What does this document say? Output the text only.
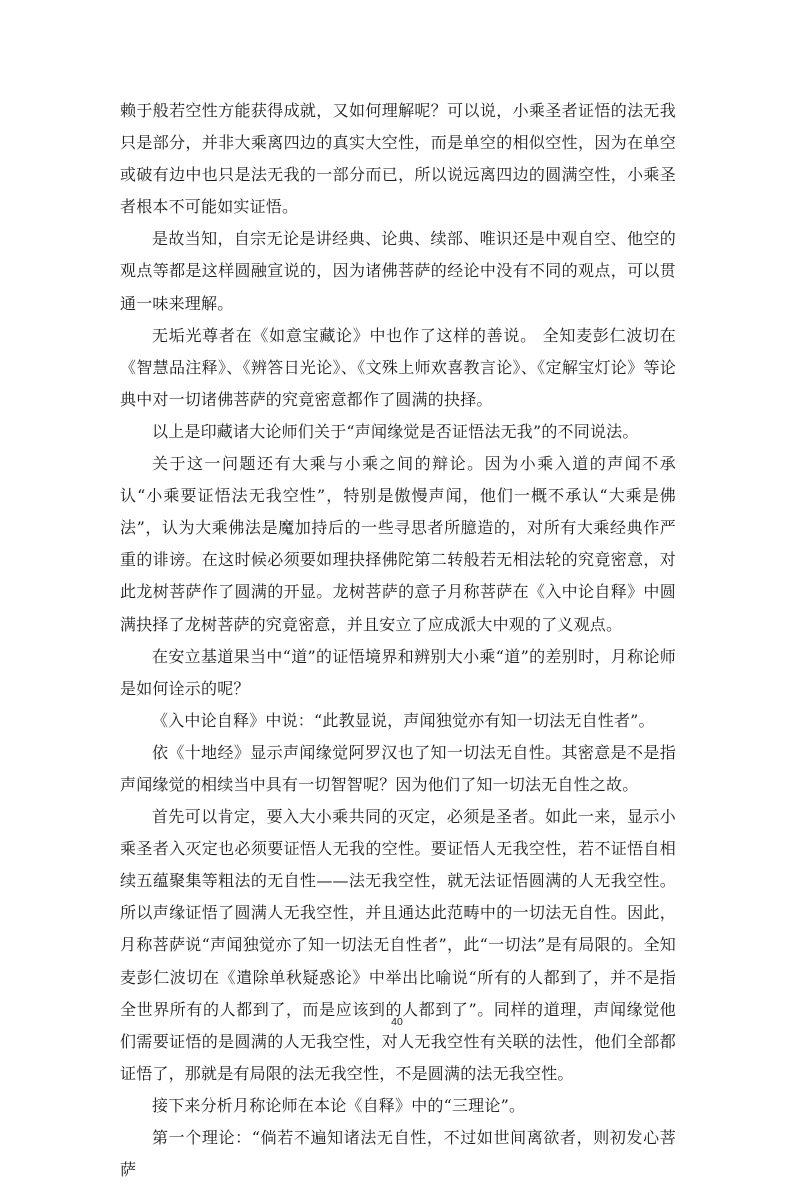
赖于般若空性方能获得成就，又如何理解呢？可以说，小乘圣者证悟的法无我只是部分，并非大乘离四边的真实大空性，而是单空的相似空性，因为在单空或破有边中也只是法无我的一部分而已，所以说远离四边的圆满空性，小乘圣者根本不可能如实证悟。

是故当知，自宗无论是讲经典、论典、续部、唯识还是中观自空、他空的观点等都是这样圆融宣说的，因为诸佛菩萨的经论中没有不同的观点，可以贯通一味来理解。

无垢光尊者在《如意宝藏论》中也作了这样的善说。 全知麦彭仁波切在《智慧品注释》、《辨答日光论》、《文殊上师欢喜教言论》、《定解宝灯论》等论典中对一切诸佛菩萨的究竟密意都作了圆满的抉择。

以上是印藏诸大论师们关于“声闻缘觉是否证悟法无我”的不同说法。

关于这一问题还有大乘与小乘之间的辩论。因为小乘入道的声闻不承认“小乘要证悟法无我空性”，特别是傲慢声闻，他们一概不承认“大乘是佛法”，认为大乘佛法是魔加持后的一些寻思者所臆造的，对所有大乘经典作严重的诽谤。在这时候必须要如理抉择佛陀第二转般若无相法轮的究竟密意，对此龙树菩萨作了圆满的开显。龙树菩萨的意子月称菩萨在《入中论自释》中圆满抉择了龙树菩萨的究竟密意，并且安立了应成派大中观的了义观点。

在安立基道果当中“道”的证悟境界和辨别大小乘“道”的差别时，月称论师是如何诠示的呢？

《入中论自释》中说：“此教显说，声闻独觉亦有知一切法无自性者”。

依《十地经》显示声闻缘觉阿罗汉也了知一切法无自性。其密意是不是指声闻缘觉的相续当中具有一切智智呢？因为他们了知一切法无自性之故。

首先可以肯定，要入大小乘共同的灭定，必须是圣者。如此一来，显示小乘圣者入灭定也必须要证悟人无我的空性。要证悟人无我空性，若不证悟自相续五蕴聚集等粗法的无自性——法无我空性，就无法证悟圆满的人无我空性。所以声缘证悟了圆满人无我空性，并且通达此范畴中的一切法无自性。因此，月称菩萨说“声闻独觉亦了知一切法无自性者”，此“一切法”是有局限的。全知麦彭仁波切在《遣除单秋疑惑论》中举出比喻说“所有的人都到了，并不是指全世界所有的人都到了，而是应该到的人都到了”。同样的道理，声闻缘觉他们需要证悟的是圆满的人无我空性，对人无我空性有关联的法性，他们全部都证悟了，那就是有局限的法无我空性，不是圆满的法无我空性。

接下来分析月称论师在本论《自释》中的“三理论”。

第一个理论：“倘若不遍知诸法无自性，不过如世间离欲者，则初发心菩萨

40
